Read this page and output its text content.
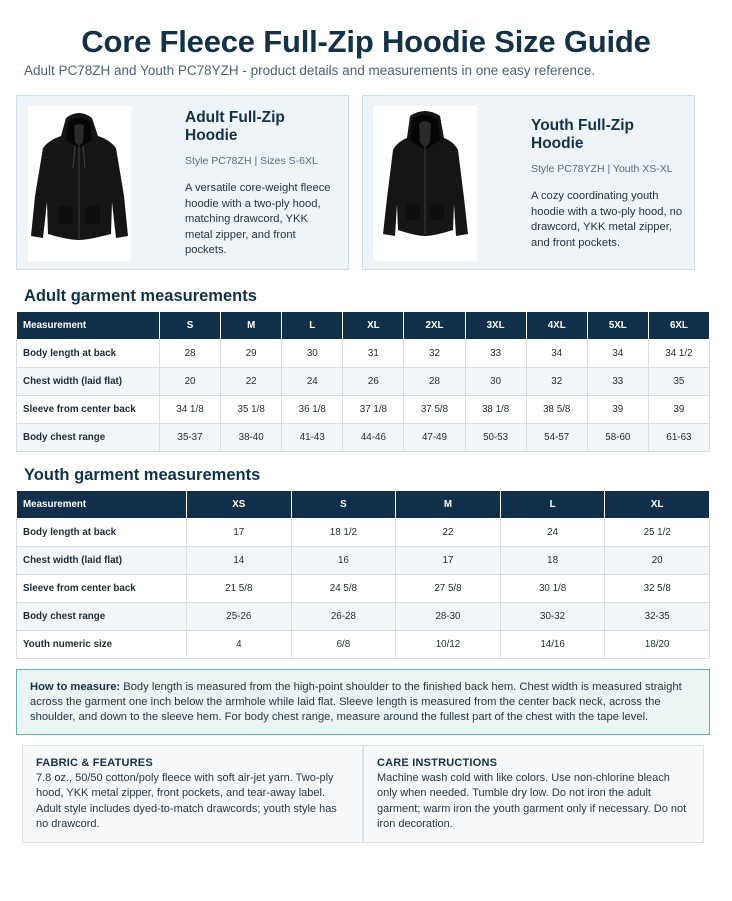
Core Fleece Full-Zip Hoodie Size Guide
Adult PC78ZH and Youth PC78YZH - product details and measurements in one easy reference.
Adult Full-Zip Hoodie
Style PC78ZH | Sizes S-6XL
A versatile core-weight fleece hoodie with a two-ply hood, matching drawcord, YKK metal zipper, and front pockets.
Youth Full-Zip Hoodie
Style PC78YZH | Youth XS-XL
A cozy coordinating youth hoodie with a two-ply hood, no drawcord, YKK metal zipper, and front pockets.
Adult garment measurements
Measurement	S	M	L	XL	2XL	3XL	4XL	5XL	6XL
Body length at back	28	29	30	31	32	33	34	34	34 1/2
Chest width (laid flat)	20	22	24	26	28	30	32	33	35
Sleeve from center back	34 1/8	35 1/8	36 1/8	37 1/8	37 5/8	38 1/8	38 5/8	39	39
Body chest range	35-37	38-40	41-43	44-46	47-49	50-53	54-57	58-60	61-63
Youth garment measurements
Measurement	XS	S	M	L	XL
Body length at back	17	18 1/2	22	24	25 1/2
Chest width (laid flat)	14	16	17	18	20
Sleeve from center back	21 5/8	24 5/8	27 5/8	30 1/8	32 5/8
Body chest range	25-26	26-28	28-30	30-32	32-35
Youth numeric size	4	6/8	10/12	14/16	18/20
How to measure: Body length is measured from the high-point shoulder to the finished back hem. Chest width is measured straight across the garment one inch below the armhole while laid flat. Sleeve length is measured from the center back neck, across the shoulder, and down to the sleeve hem. For body chest range, measure around the fullest part of the chest with the tape level.
FABRIC & FEATURES
7.8 oz., 50/50 cotton/poly fleece with soft air-jet yarn. Two-ply hood, YKK metal zipper, front pockets, and tear-away label. Adult style includes dyed-to-match drawcords; youth style has no drawcord.
CARE INSTRUCTIONS
Machine wash cold with like colors. Use non-chlorine bleach only when needed. Tumble dry low. Do not iron the adult garment; warm iron the youth garment only if necessary. Do not iron decoration.
